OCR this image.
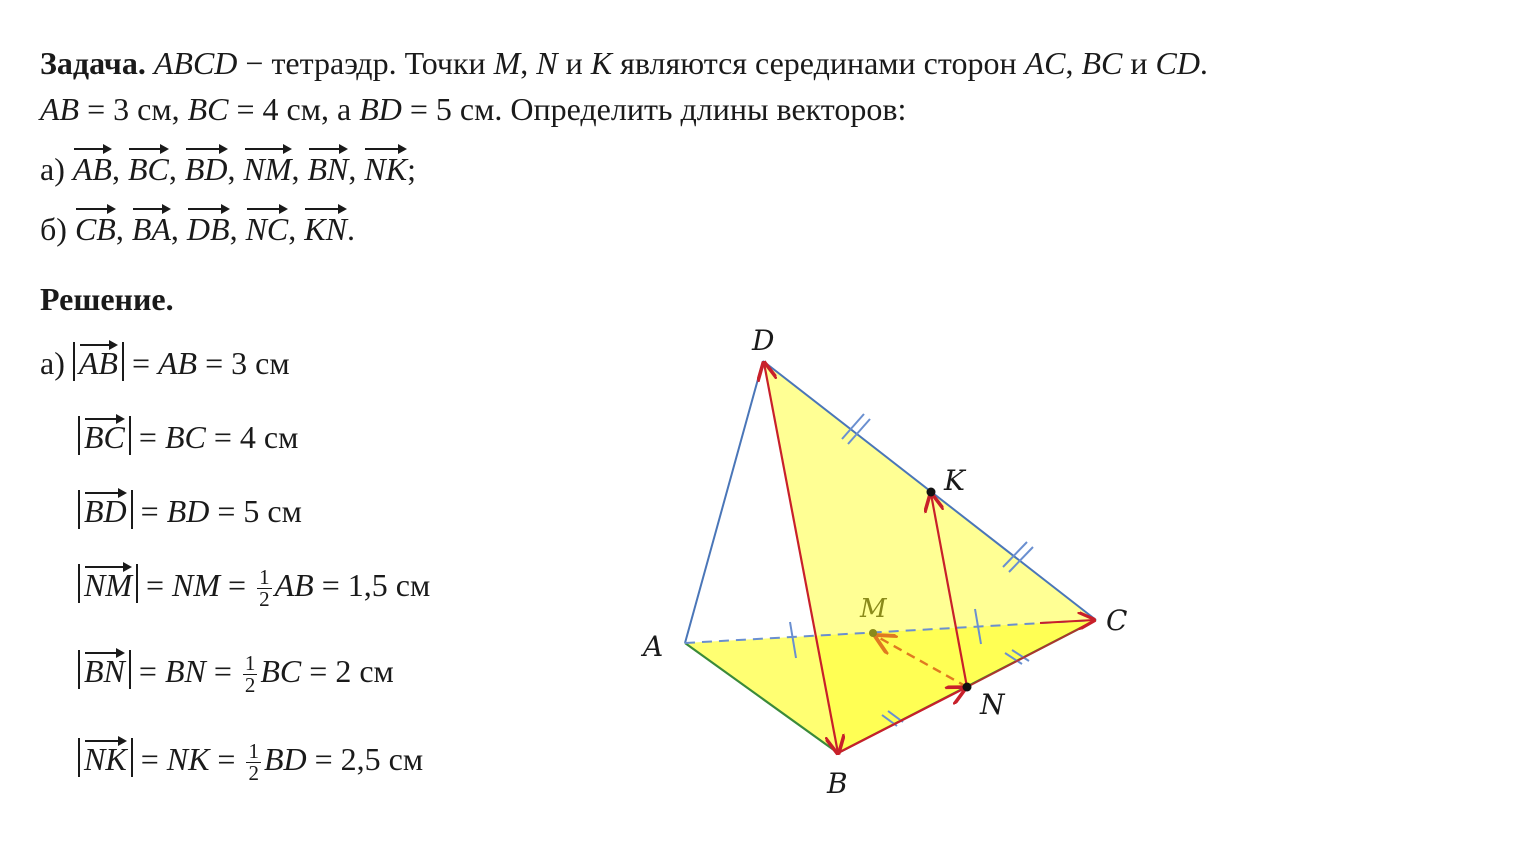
Задача. ABCD − тетраэдр. Точки M, N и K являются серединами сторон AC, BC и CD.
AB = 3 см, BC = 4 см, а BD = 5 см. Определить длины векторов:
а) AB, BC, BD, NM, BN, NK;
б) CB, BA, DB, NC, KN.
Решение.
а) AB = AB = 3 см
BC = BC = 4 см
BD = BD = 5 см
NM = NM = $\frac{1}{2}$ AB = 1,5 см
BN = BN = $\frac{1}{2}$ BC = 2 см
NK = NK = $\frac{1}{2}$ BD = 2,5 см
D
K
M
A
C
N
B
